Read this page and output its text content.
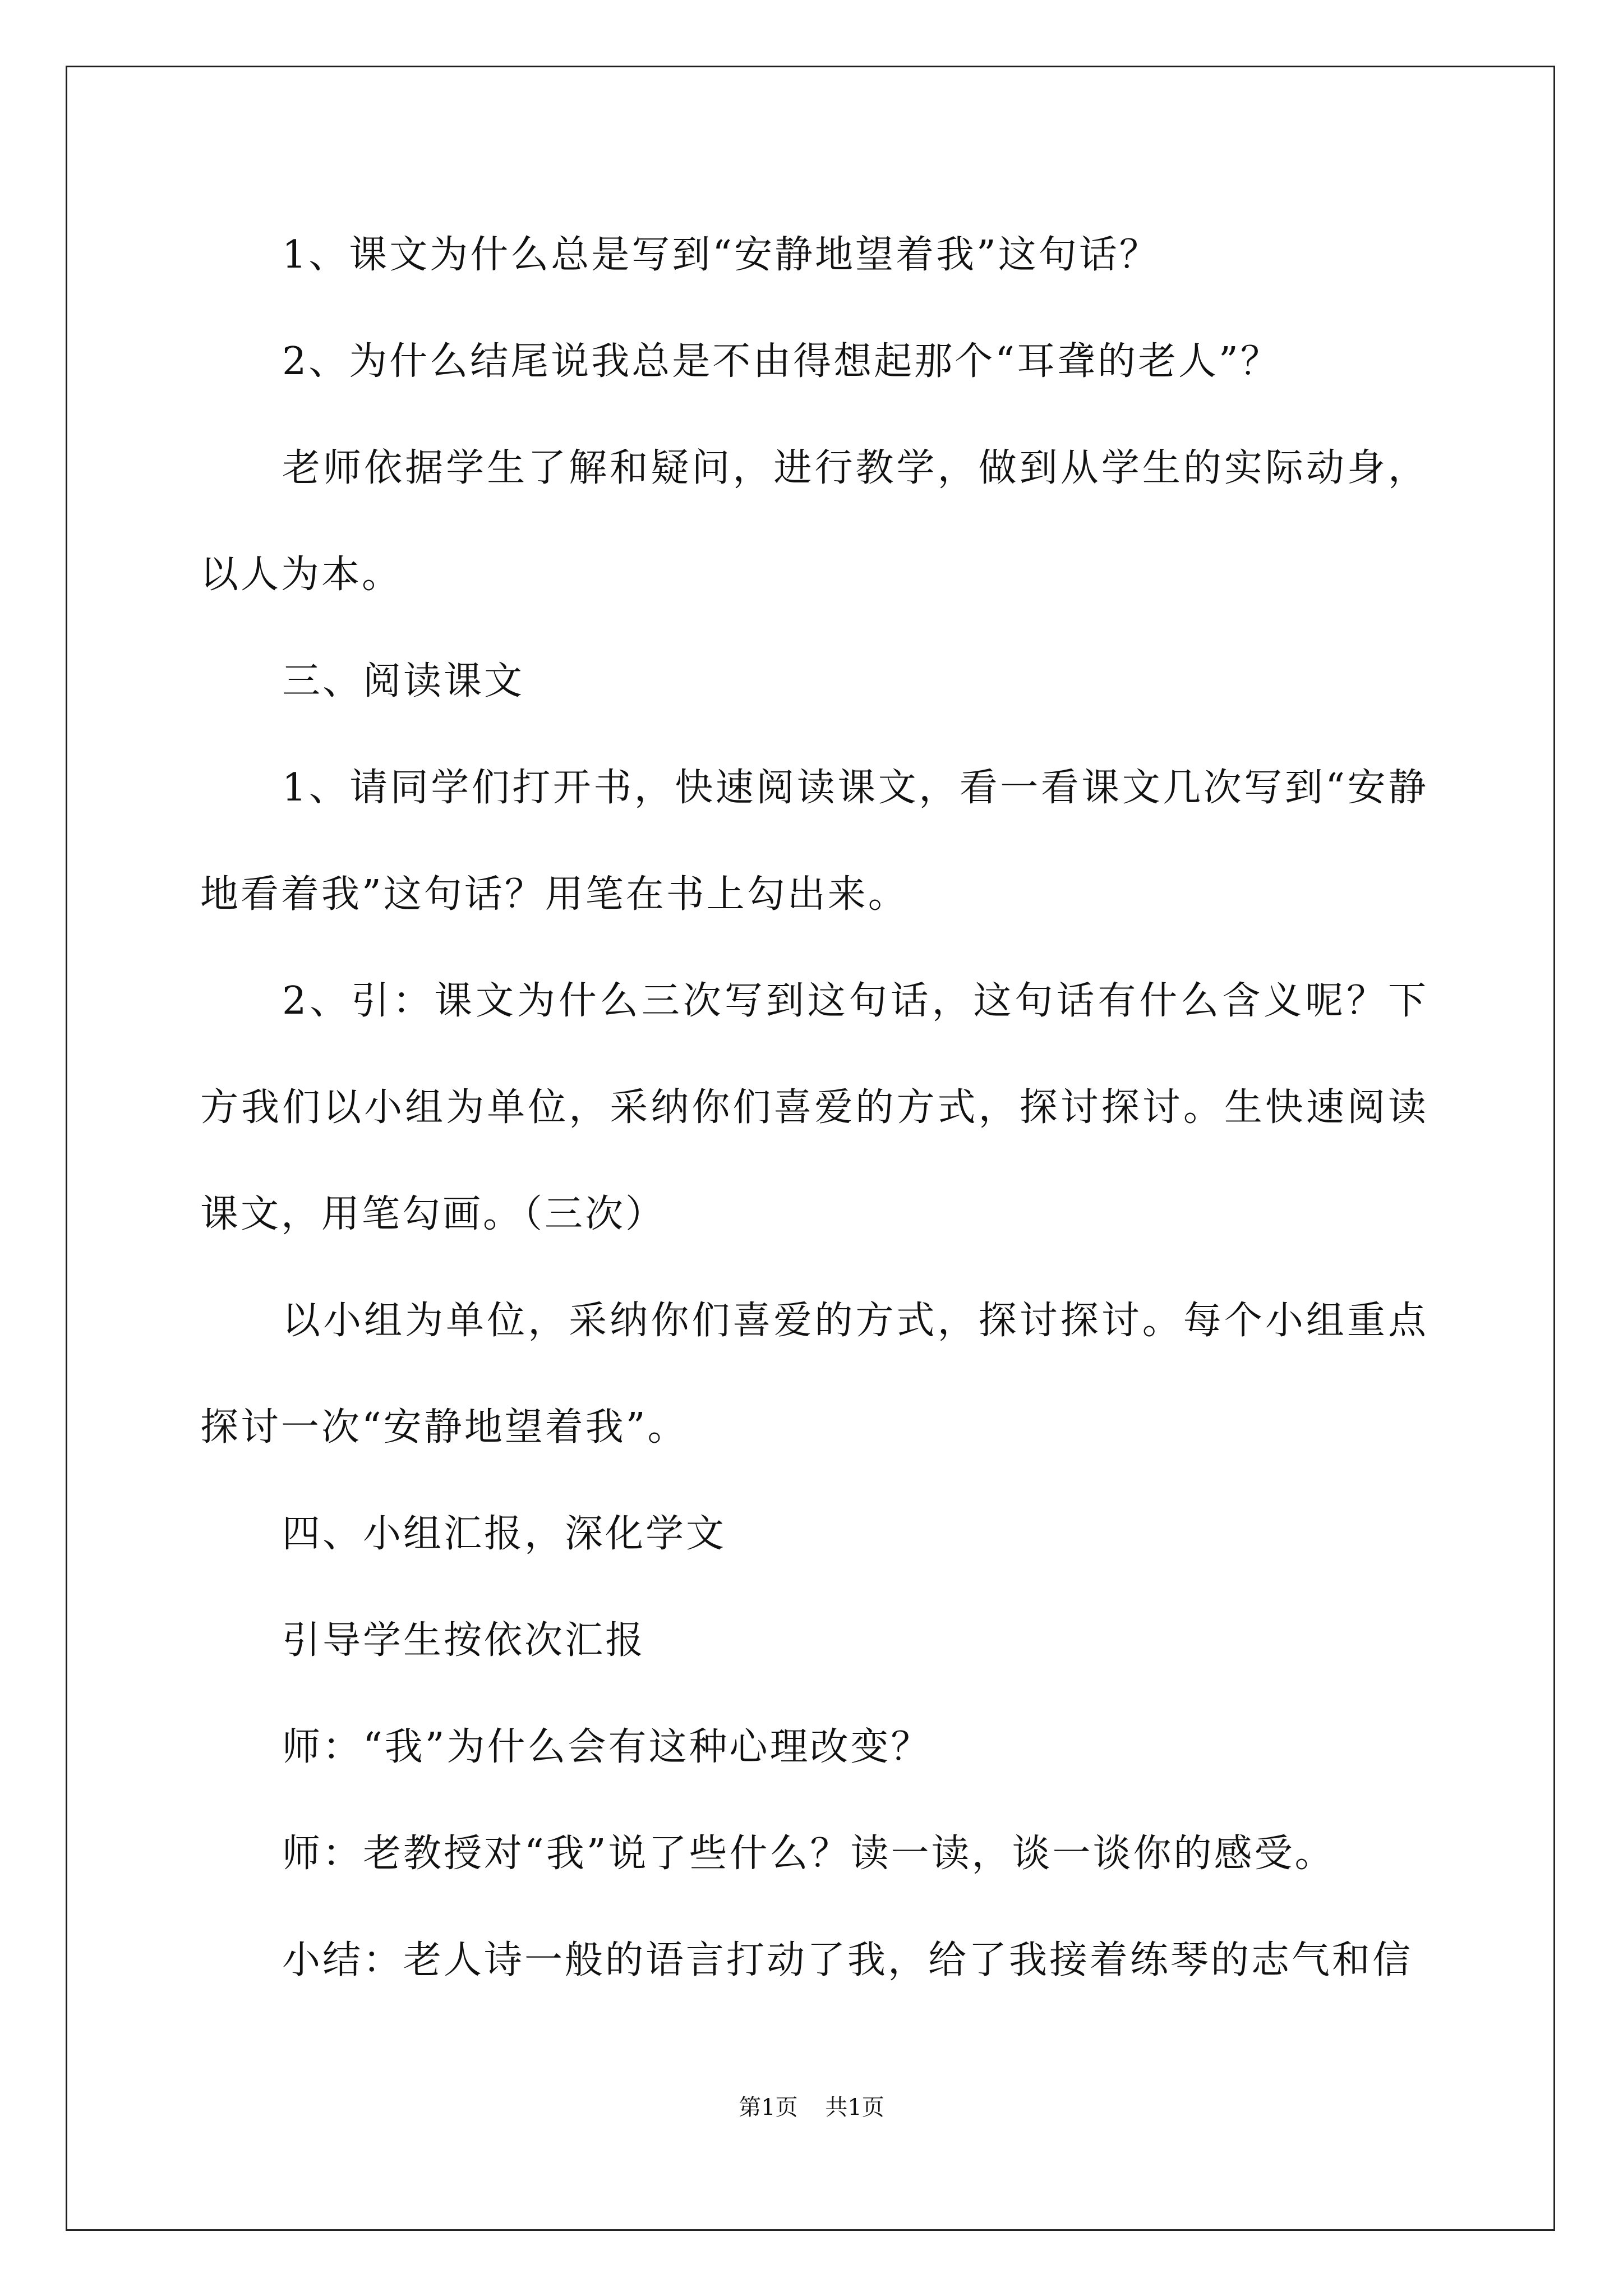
1、课文为什么总是写到“安静地望着我”这句话？

2、为什么结尾说我总是不由得想起那个“耳聋的老人”？

老师依据学生了解和疑问，进行教学，做到从学生的实际动身，以人为本。

三、阅读课文

1、请同学们打开书，快速阅读课文，看一看课文几次写到“安静地看着我”这句话？用笔在书上勾出来。

2、引：课文为什么三次写到这句话，这句话有什么含义呢？下方我们以小组为单位，采纳你们喜爱的方式，探讨探讨。生快速阅读课文，用笔勾画。（三次）

以小组为单位，采纳你们喜爱的方式，探讨探讨。每个小组重点探讨一次“安静地望着我”。

四、小组汇报，深化学文

引导学生按依次汇报

师：“我”为什么会有这种心理改变？

师：老教授对“我”说了些什么？读一读，谈一谈你的感受。

小结：老人诗一般的语言打动了我，给了我接着练琴的志气和信

第1页 共1页
